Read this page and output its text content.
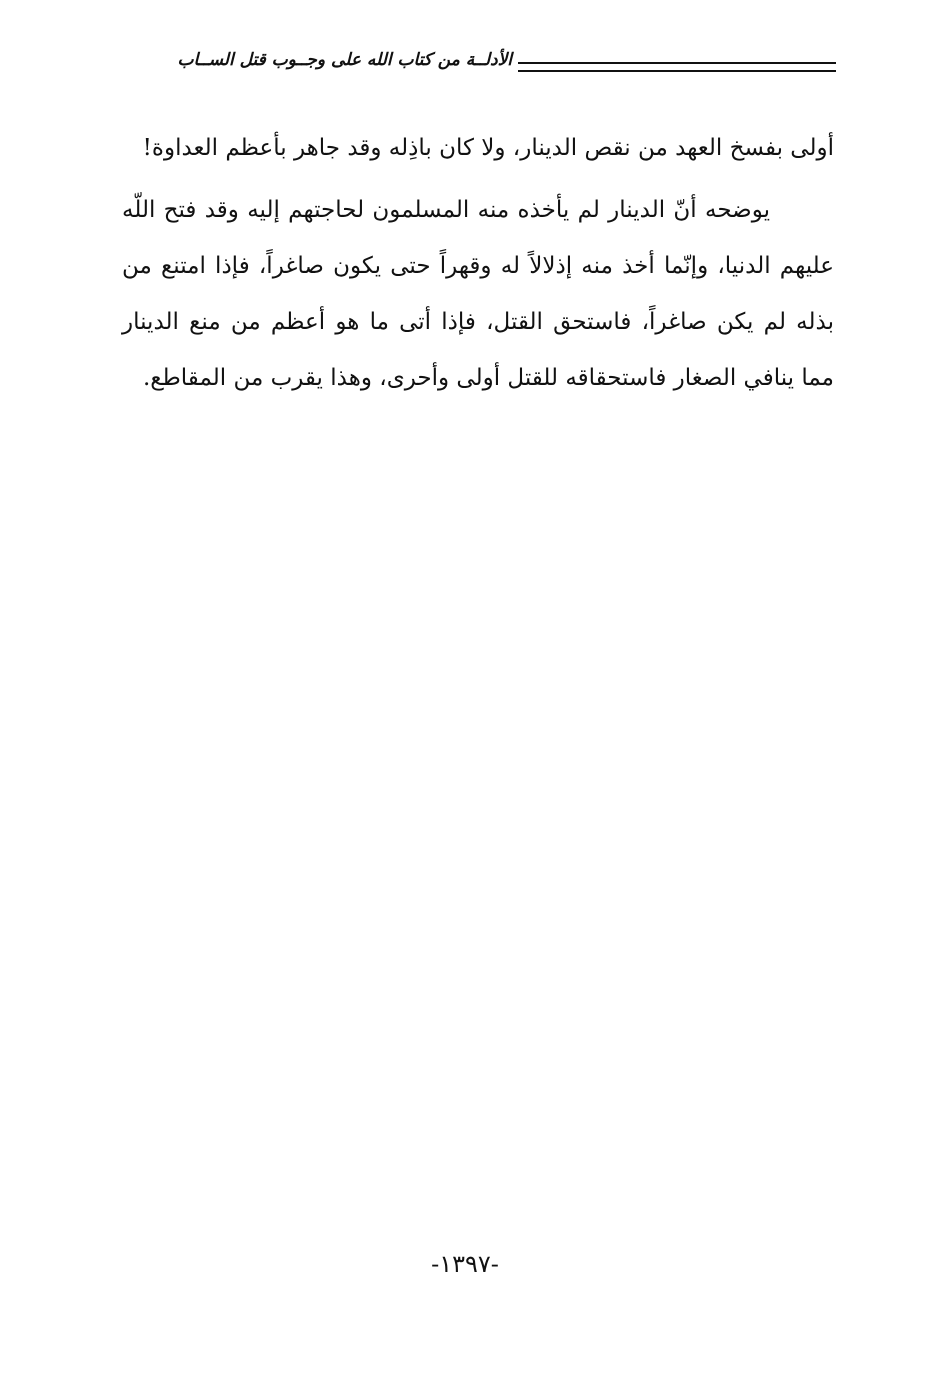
الأدلــة من كتاب الله على وجــوب قتل الســاب

أولى بفسخ العهد من نقص الدينار، ولا كان باذِله وقد جاهر بأعظم العداوة!

يوضحه أنّ الدينار لم يأخذه منه المسلمون لحاجتهم إليه وقد فتح اللّه عليهم الدنيا، وإنّما أخذ منه إذلالاً له وقهراً حتى يكون صاغراً، فإذا امتنع من بذله لم يكن صاغراً، فاستحق القتل، فإذا أتى ما هو أعظم من منع الدينار مما ينافي الصغار فاستحقاقه للقتل أولى وأحرى، وهذا يقرب من المقاطع.

-١٣٩٧-
